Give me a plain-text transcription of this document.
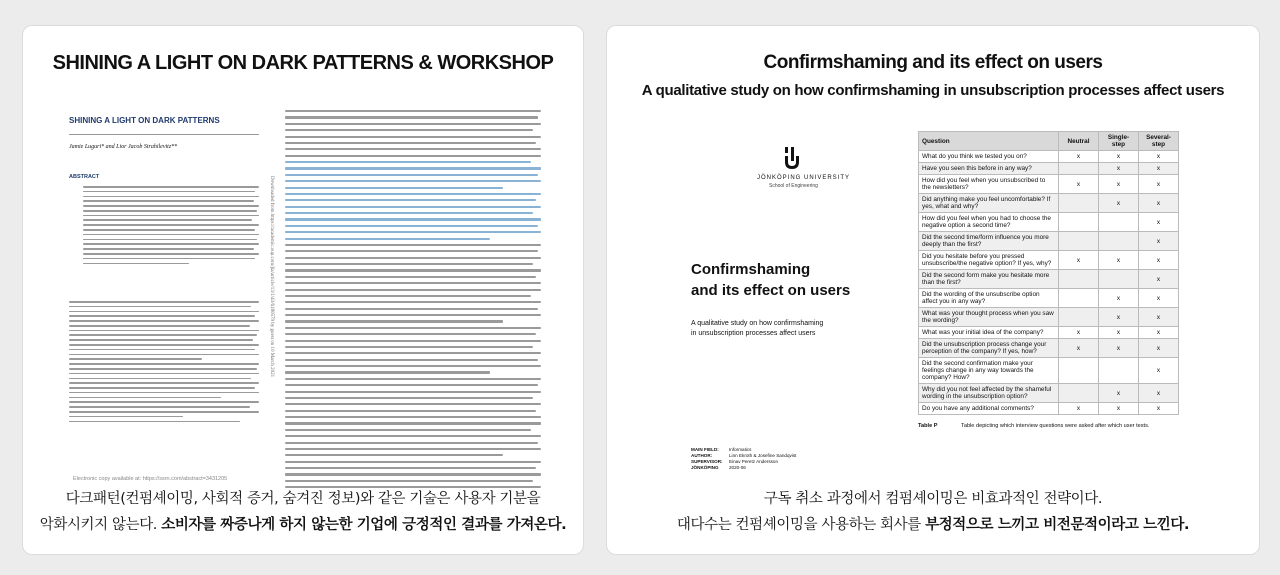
SHINING A LIGHT ON DARK PATTERNS & WORKSHOP
SHINING A LIGHT ON DARK PATTERNS
Jamie Luguri* and Lior Jacob Strahilevitz**
ABSTRACT
Electronic copy available at: https://ssrn.com/abstract=3431205
Downloaded from https://academic.oup.com/jla/article/13/1/43/6180579 by guest on 10 March 2021
다크패턴(컨펌셰이밍, 사회적 증거, 숨겨진 정보)와 같은 기술은 사용자 기분을
악화시키지 않는다. 소비자를 짜증나게 하지 않는한 기업에 긍정적인 결과를 가져온다.
Confirmshaming and its effect on users
A qualitative study on how confirmshaming in unsubscription processes affect users
JÖNKÖPING UNIVERSITY
School of Engineering
Confirmshaming
and its effect on users
A qualitative study on how confirmshaming
in unsubscription processes affect users
MAIN FIELD: Informatics
AUTHOR:	Linn Ekroth & Josefine Sandqvist
SUPERVISOR: Einav Peretz Andersson
JÖNKÖPING 2020-06
Question	Neutral	Single-step	Several-step
What do you think we tested you on?	x	x	x
Have you seen this before in any way?		x	x
How did you feel when you unsubscribed to the newsletters?	x	x	x
Did anything make you feel uncomfortable? If yes, what and why?		x	x
How did you feel when you had to choose the negative option a second time?			x
Did the second time/form influence you more deeply than the first?			x
Did you hesitate before you pressed unsubscribe/the negative option? If yes, why?	x	x	x
Did the second form make you hesitate more than the first?			x
Did the wording of the unsubscribe option affect you in any way?		x	x
What was your thought process when you saw the wording?		x	x
What was your initial idea of the company?	x	x	x
Did the unsubscription process change your perception of the company? If yes, how?	x	x	x
Did the second confirmation make your feelings change in any way towards the company? How?			x
Why did you not feel affected by the shameful wording in the unsubscription option?		x	x
Do you have any additional comments?	x	x	x
Table P	Table depicting which interview questions were asked after which user tests.
구독 취소 과정에서 컴펌셰이밍은 비효과적인 전략이다.
대다수는 컨펌셰이밍을 사용하는 회사를 부정적으로 느끼고 비전문적이라고 느낀다.
